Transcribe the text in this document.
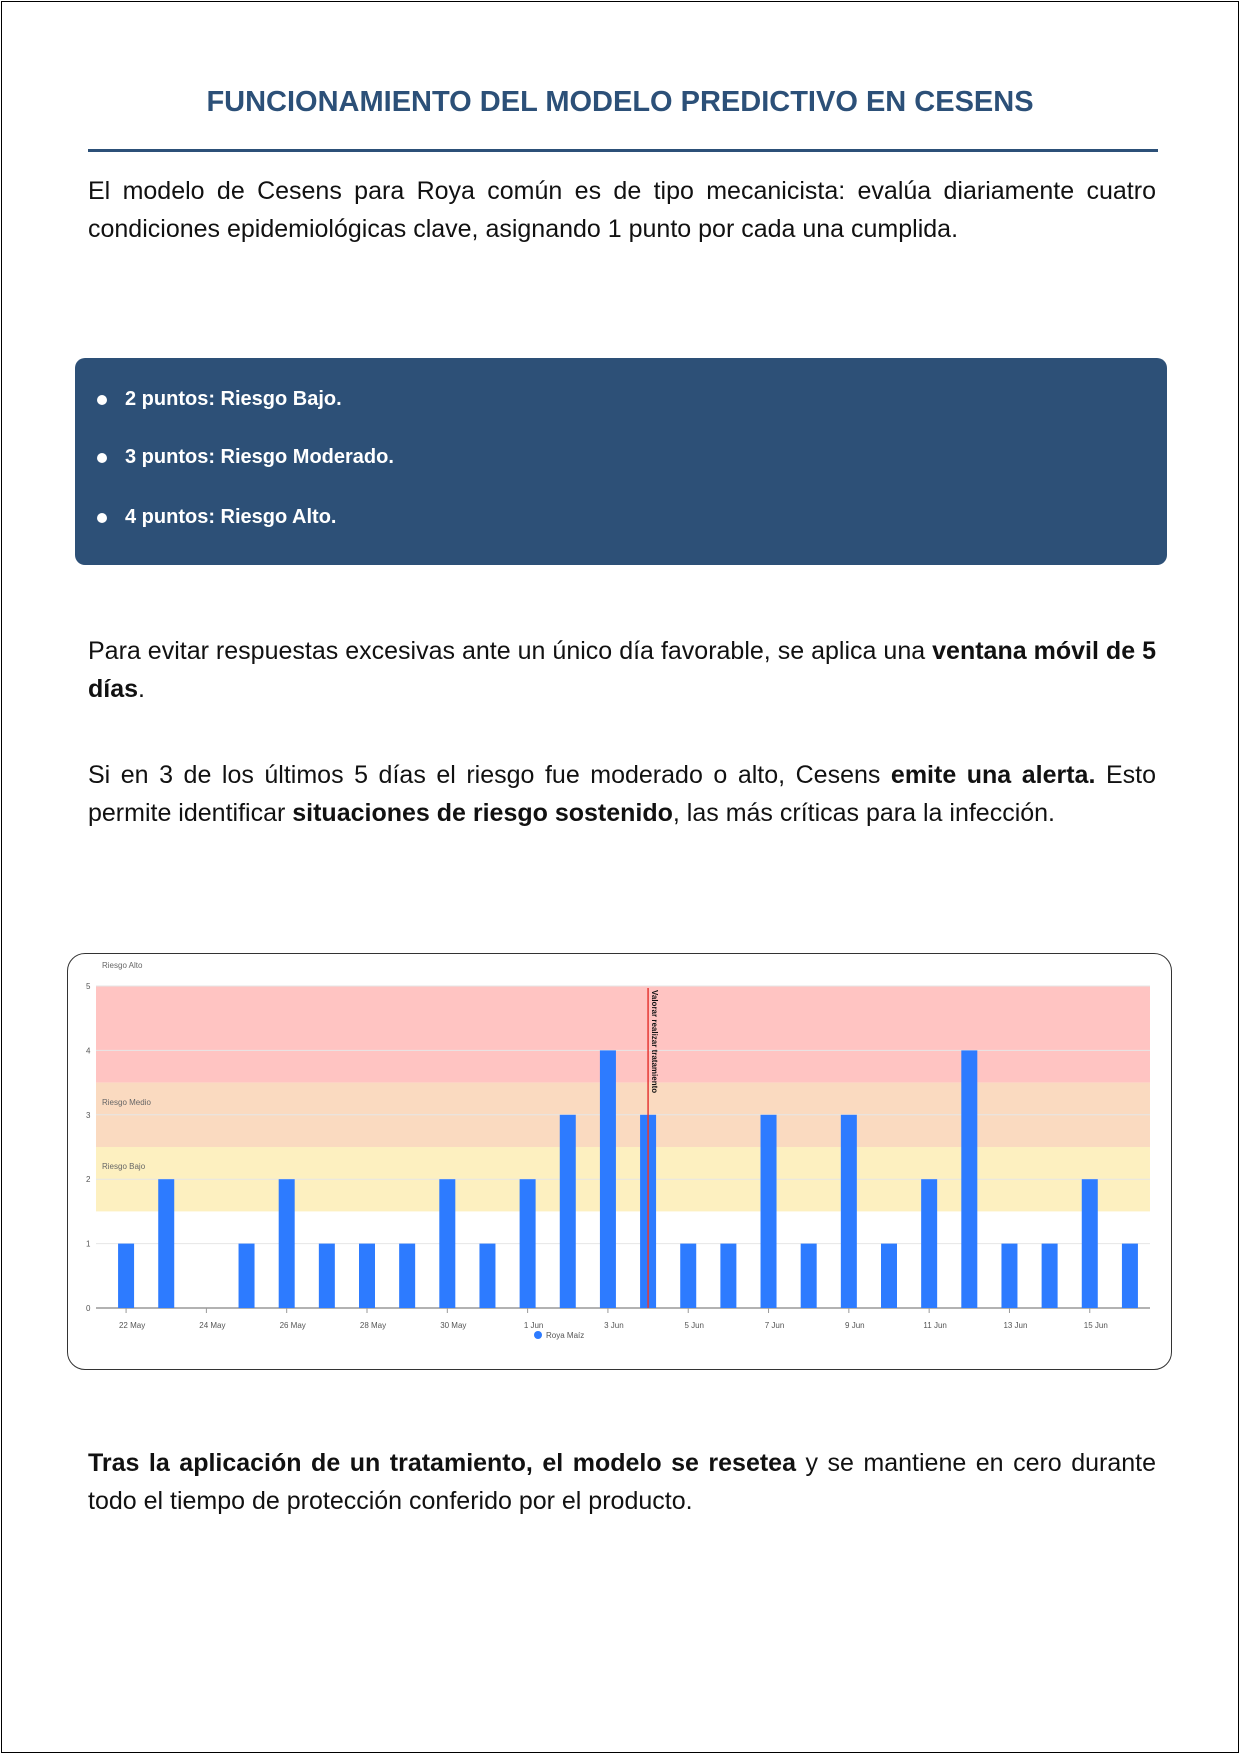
FUNCIONAMIENTO DEL MODELO PREDICTIVO EN CESENS
El modelo de Cesens para Roya común es de tipo mecanicista: evalúa diariamente cuatro condiciones epidemiológicas clave, asignando 1 punto por cada una cumplida.
2 puntos: Riesgo Bajo.
3 puntos: Riesgo Moderado.
4 puntos: Riesgo Alto.
Para evitar respuestas excesivas ante un único día favorable, se aplica una ventana móvil de 5 días.
Si en 3 de los últimos 5 días el riesgo fue moderado o alto, Cesens emite una alerta. Esto permite identificar situaciones de riesgo sostenido, las más críticas para la infección.
Riesgo Alto
Riesgo Medio
Riesgo Bajo
0
1
2
3
4
5
22 May	24 May	26 May	28 May	30 May	1 Jun	3 Jun	5 Jun	7 Jun	9 Jun	11 Jun	13 Jun	15 Jun
Valorar realizar tratamiento
Roya Maíz
Tras la aplicación de un tratamiento, el modelo se resetea y se mantiene en cero durante todo el tiempo de protección conferido por el producto.
